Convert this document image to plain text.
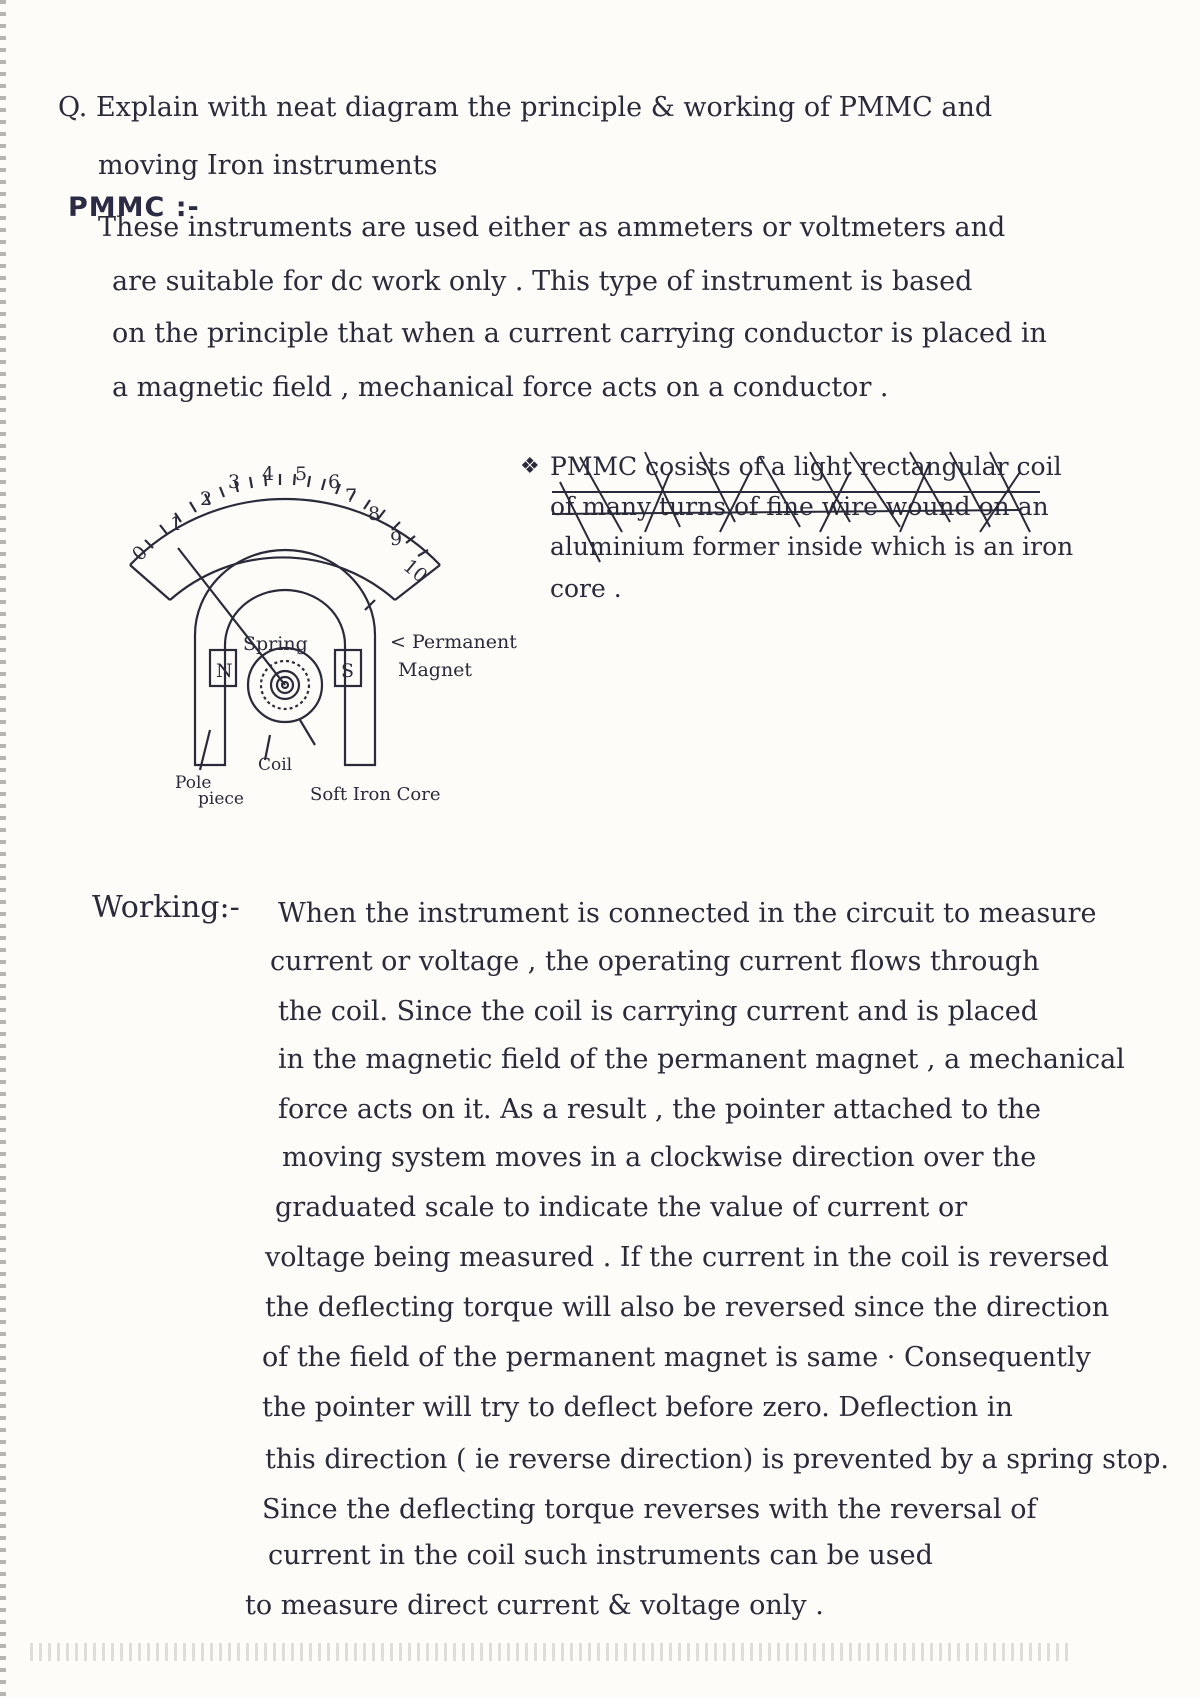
Q. Explain with neat diagram the principle & working of PMMC and
moving Iron instruments
PMMC :-
These instruments are used either as ammeters or voltmeters and
are suitable for dc work only . This type of instrument is based
on the principle that when a current carrying conductor is placed in
a magnetic field , mechanical force acts on a conductor .
❖ PMMC cosists of a light rectangular coil
of many turns of fine wire wound on an
aluminium former inside which is an iron
core .
0
1
2
3 4 5 6
7
8
9
10
Spring
N	S
< Permanent
Magnet
Coil
Pole
piece	Soft Iron Core
Working:- When the instrument is connected in the circuit to measure
current or voltage , the operating current flows through
the coil. Since the coil is carrying current and is placed
in the magnetic field of the permanent magnet , a mechanical
force acts on it. As a result , the pointer attached to the
moving system moves in a clockwise direction over the
graduated scale to indicate the value of current or
voltage being measured . If the current in the coil is reversed
the deflecting torque will also be reversed since the direction
of the field of the permanent magnet is same · Consequently
the pointer will try to deflect before zero. Deflection in
this direction ( ie reverse direction) is prevented by a spring stop.
Since the deflecting torque reverses with the reversal of
current in the coil such instruments can be used
to measure direct current & voltage only .
